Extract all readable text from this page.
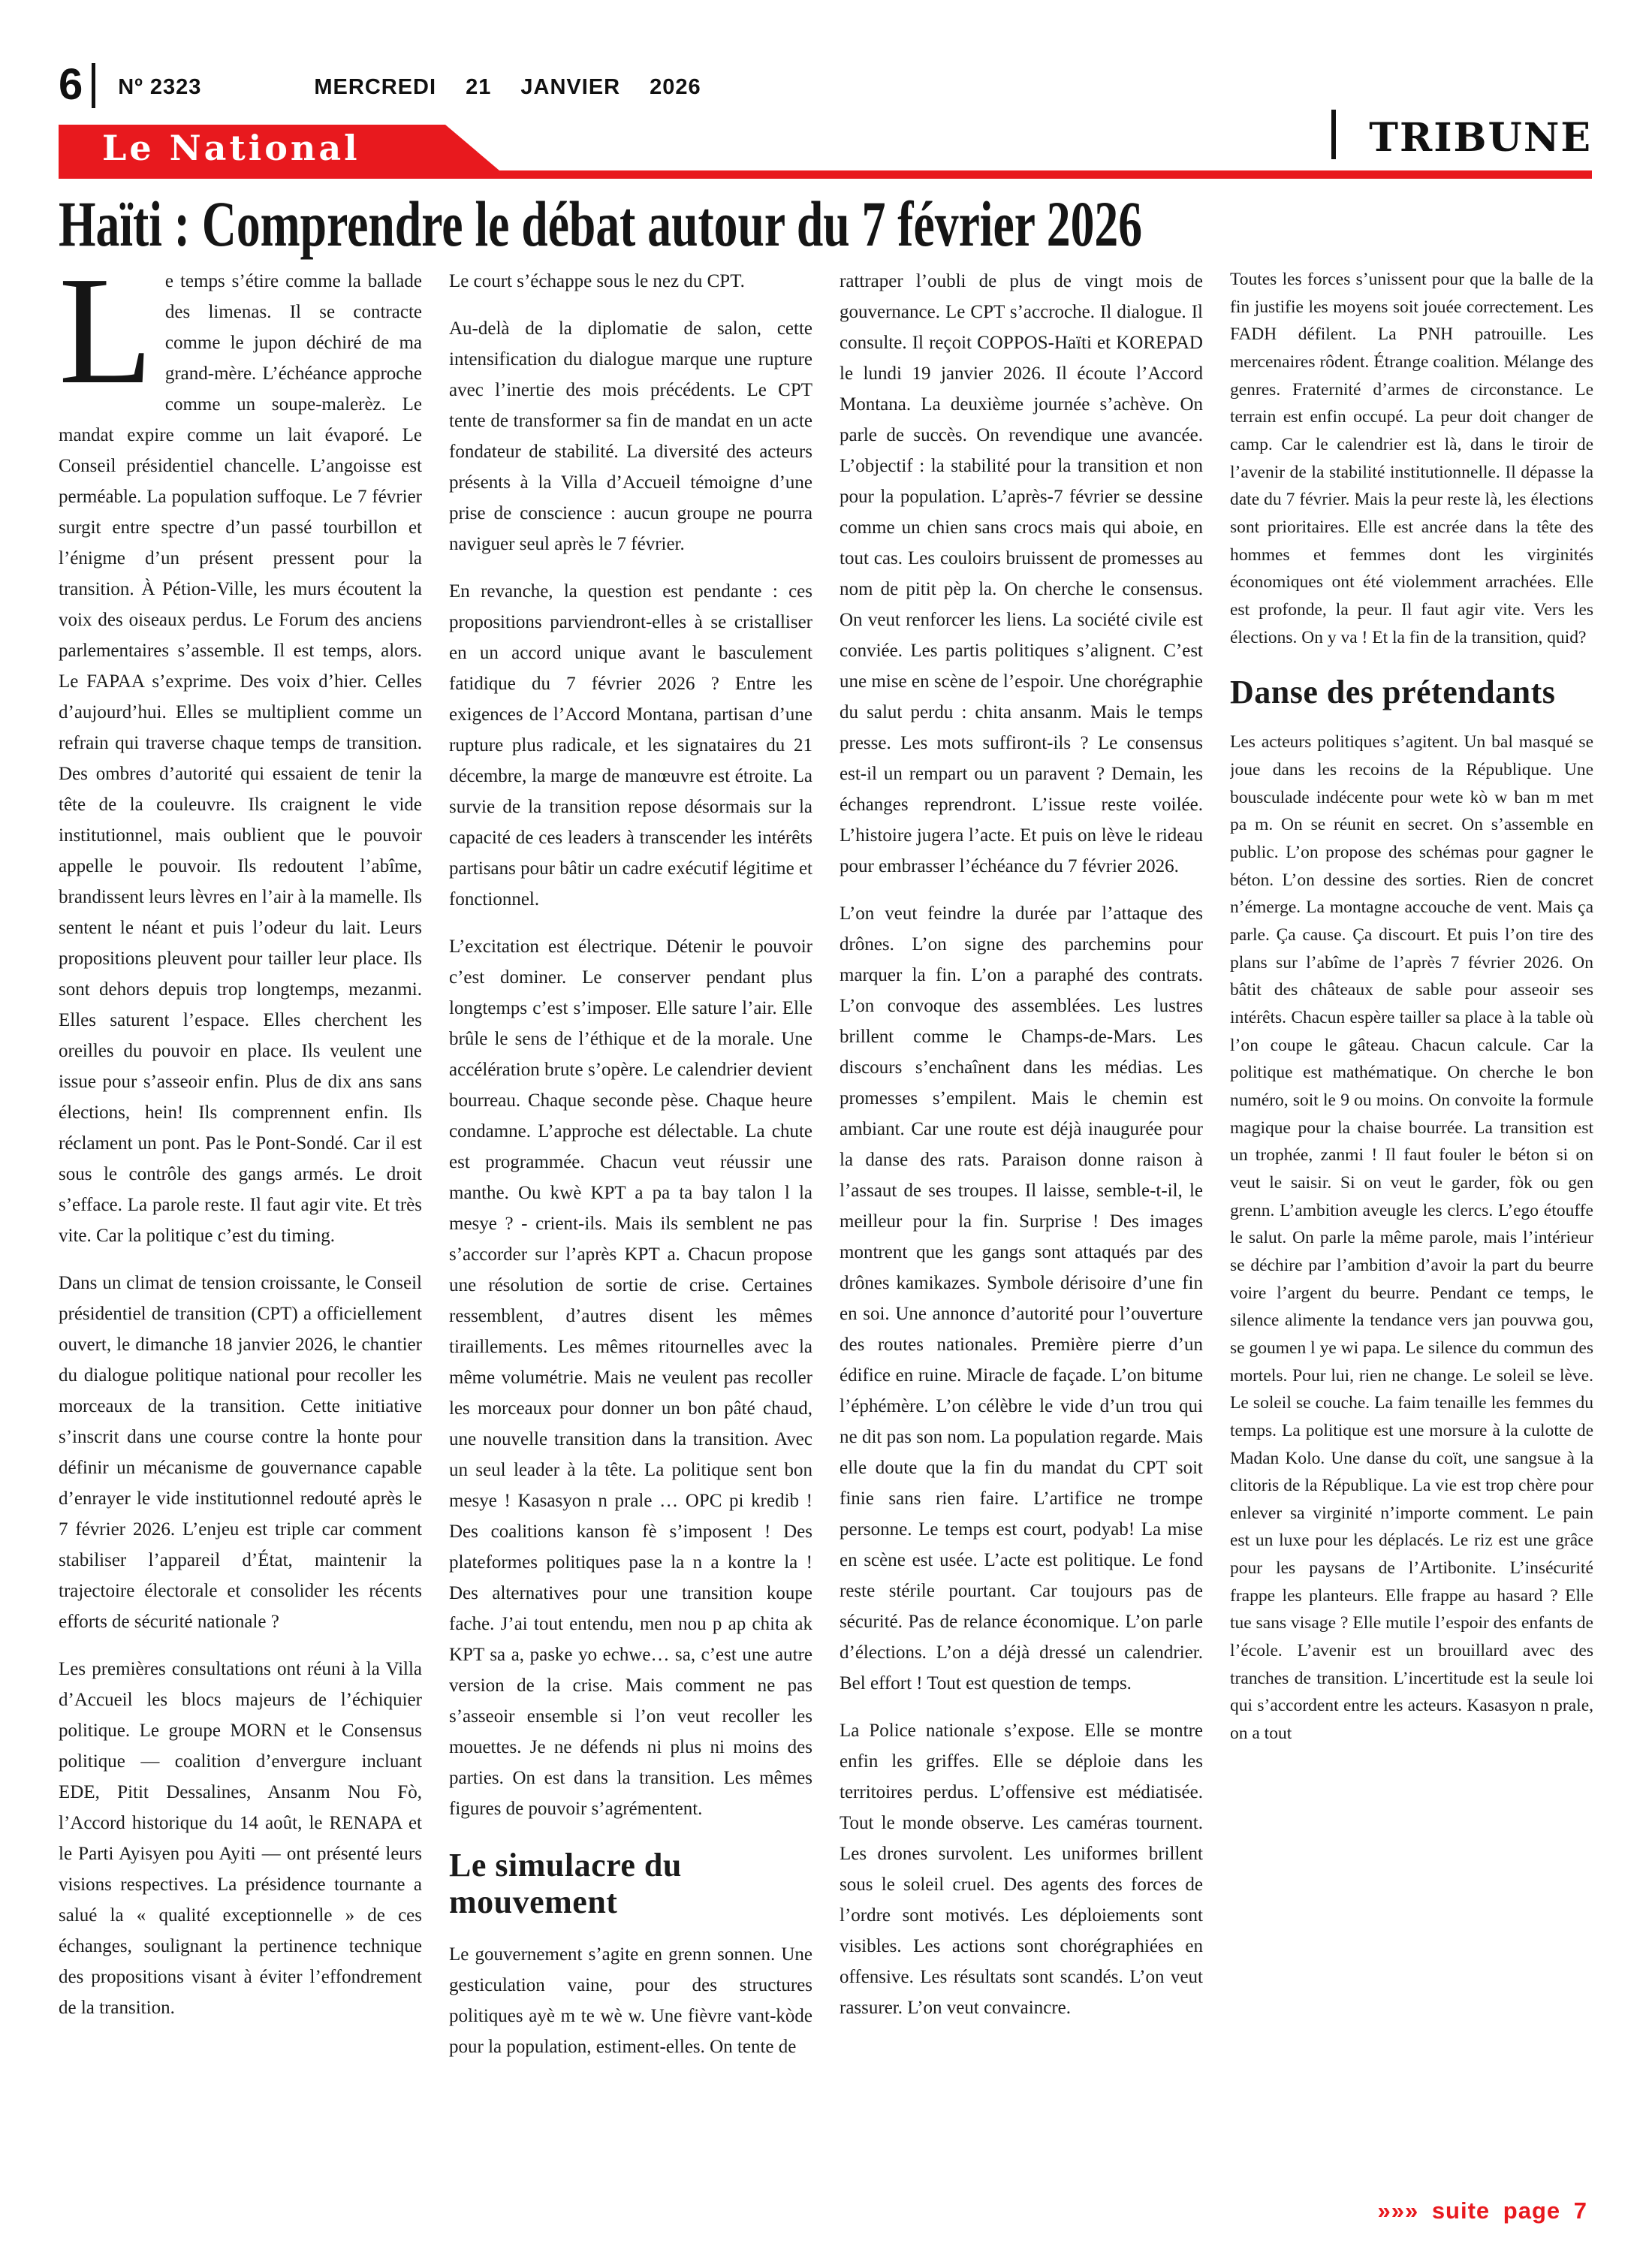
6 Nº 2323	MERCREDI 21 JANVIER 2026
Le National	TRIBUNE
Haïti : Comprendre le débat autour du 7 février 2026

Le temps s’étire comme la ballade des limenas. Il se contracte comme le jupon déchiré de ma grand-mère. L’échéance approche comme un soupe-malerèz. Le mandat expire comme un lait évaporé. Le Conseil présidentiel chancelle. L’angoisse est perméable. La population suffoque. Le 7 février surgit entre spectre d’un passé tourbillon et l’énigme d’un présent pressent pour la transition. À Pétion-Ville, les murs écoutent la voix des oiseaux perdus. Le Forum des anciens parlementaires s’assemble. Il est temps, alors. Le FAPAA s’exprime. Des voix d’hier. Celles d’aujourd’hui. Elles se multiplient comme un refrain qui traverse chaque temps de transition. Des ombres d’autorité qui essaient de tenir la tête de la couleuvre. Ils craignent le vide institutionnel, mais oublient que le pouvoir appelle le pouvoir. Ils redoutent l’abîme, brandissent leurs lèvres en l’air à la mamelle. Ils sentent le néant et puis l’odeur du lait. Leurs propositions pleuvent pour tailler leur place. Ils sont dehors depuis trop longtemps, mezanmi. Elles saturent l’espace. Elles cherchent les oreilles du pouvoir en place. Ils veulent une issue pour s’asseoir enfin. Plus de dix ans sans élections, hein! Ils comprennent enfin. Ils réclament un pont. Pas le Pont-Sondé. Car il est sous le contrôle des gangs armés. Le droit s’efface. La parole reste. Il faut agir vite. Et très vite. Car la politique c’est du timing.

Dans un climat de tension croissante, le Conseil présidentiel de transition (CPT) a officiellement ouvert, le dimanche 18 janvier 2026, le chantier du dialogue politique national pour recoller les morceaux de la transition. Cette initiative s’inscrit dans une course contre la honte pour définir un mécanisme de gouvernance capable d’enrayer le vide institutionnel redouté après le 7 février 2026. L’enjeu est triple car comment stabiliser l’appareil d’État, maintenir la trajectoire électorale et consolider les récents efforts de sécurité nationale ?

Les premières consultations ont réuni à la Villa d’Accueil les blocs majeurs de l’échiquier politique. Le groupe MORN et le Consensus politique — coalition d’envergure incluant EDE, Pitit Dessalines, Ansanm Nou Fò, l’Accord historique du 14 août, le RENAPA et le Parti Ayisyen pou Ayiti — ont présenté leurs visions respectives. La présidence tournante a salué la « qualité exceptionnelle » de ces échanges, soulignant la pertinence technique des propositions visant à éviter l’effondrement de la transition.

Le court s’échappe sous le nez du CPT.

Au-delà de la diplomatie de salon, cette intensification du dialogue marque une rupture avec l’inertie des mois précédents. Le CPT tente de transformer sa fin de mandat en un acte fondateur de stabilité. La diversité des acteurs présents à la Villa d’Accueil témoigne d’une prise de conscience : aucun groupe ne pourra naviguer seul après le 7 février.

En revanche, la question est pendante : ces propositions parviendront-elles à se cristalliser en un accord unique avant le basculement fatidique du 7 février 2026 ? Entre les exigences de l’Accord Montana, partisan d’une rupture plus radicale, et les signataires du 21 décembre, la marge de manœuvre est étroite. La survie de la transition repose désormais sur la capacité de ces leaders à transcender les intérêts partisans pour bâtir un cadre exécutif légitime et fonctionnel.

L’excitation est électrique. Détenir le pouvoir c’est dominer. Le conserver pendant plus longtemps c’est s’imposer. Elle sature l’air. Elle brûle le sens de l’éthique et de la morale. Une accélération brute s’opère. Le calendrier devient bourreau. Chaque seconde pèse. Chaque heure condamne. L’approche est délectable. La chute est programmée. Chacun veut réussir une manthe. Ou kwè KPT a pa ta bay talon l la mesye ? - crient-ils. Mais ils semblent ne pas s’accorder sur l’après KPT a. Chacun propose une résolution de sortie de crise. Certaines ressemblent, d’autres disent les mêmes tiraillements. Les mêmes ritournelles avec la même volumétrie. Mais ne veulent pas recoller les morceaux pour donner un bon pâté chaud, une nouvelle transition dans la transition. Avec un seul leader à la tête. La politique sent bon mesye ! Kasasyon n prale … OPC pi kredib ! Des coalitions kanson fè s’imposent ! Des plateformes politiques pase la n a kontre la ! Des alternatives pour une transition koupe fache. J’ai tout entendu, men nou p ap chita ak KPT sa a, paske yo echwe… sa, c’est une autre version de la crise. Mais comment ne pas s’asseoir ensemble si l’on veut recoller les mouettes. Je ne défends ni plus ni moins des parties. On est dans la transition. Les mêmes figures de pouvoir s’agrémentent.

Le simulacre du mouvement

Le gouvernement s’agite en grenn sonnen. Une gesticulation vaine, pour des structures politiques ayè m te wè w. Une fièvre vant-kòde pour la population, estiment-elles. On tente de

rattraper l’oubli de plus de vingt mois de gouvernance. Le CPT s’accroche. Il dialogue. Il consulte. Il reçoit COPPOS-Haïti et KOREPAD le lundi 19 janvier 2026. Il écoute l’Accord Montana. La deuxième journée s’achève. On parle de succès. On revendique une avancée. L’objectif : la stabilité pour la transition et non pour la population. L’après-7 février se dessine comme un chien sans crocs mais qui aboie, en tout cas. Les couloirs bruissent de promesses au nom de pitit pèp la. On cherche le consensus. On veut renforcer les liens. La société civile est conviée. Les partis politiques s’alignent. C’est une mise en scène de l’espoir. Une chorégraphie du salut perdu : chita ansanm. Mais le temps presse. Les mots suffiront-ils ? Le consensus est-il un rempart ou un paravent ? Demain, les échanges reprendront. L’issue reste voilée. L’histoire jugera l’acte. Et puis on lève le rideau pour embrasser l’échéance du 7 février 2026.

L’on veut feindre la durée par l’attaque des drônes. L’on signe des parchemins pour marquer la fin. L’on a paraphé des contrats. L’on convoque des assemblées. Les lustres brillent comme le Champs-de-Mars. Les discours s’enchaînent dans les médias. Les promesses s’empilent. Mais le chemin est ambiant. Car une route est déjà inaugurée pour la danse des rats. Paraison donne raison à l’assaut de ses troupes. Il laisse, semble-t-il, le meilleur pour la fin. Surprise ! Des images montrent que les gangs sont attaqués par des drônes kamikazes. Symbole dérisoire d’une fin en soi. Une annonce d’autorité pour l’ouverture des routes nationales. Première pierre d’un édifice en ruine. Miracle de façade. L’on bitume l’éphémère. L’on célèbre le vide d’un trou qui ne dit pas son nom. La population regarde. Mais elle doute que la fin du mandat du CPT soit finie sans rien faire. L’artifice ne trompe personne. Le temps est court, podyab! La mise en scène est usée. L’acte est politique. Le fond reste stérile pourtant. Car toujours pas de sécurité. Pas de relance économique. L’on parle d’élections. L’on a déjà dressé un calendrier. Bel effort ! Tout est question de temps.

La Police nationale s’expose. Elle se montre enfin les griffes. Elle se déploie dans les territoires perdus. L’offensive est médiatisée. Tout le monde observe. Les caméras tournent. Les drones survolent. Les uniformes brillent sous le soleil cruel. Des agents des forces de l’ordre sont motivés. Les déploiements sont visibles. Les actions sont chorégraphiées en offensive. Les résultats sont scandés. L’on veut rassurer. L’on veut convaincre.

Toutes les forces s’unissent pour que la balle de la fin justifie les moyens soit jouée correctement. Les FADH défilent. La PNH patrouille. Les mercenaires rôdent. Étrange coalition. Mélange des genres. Fraternité d’armes de circonstance. Le terrain est enfin occupé. La peur doit changer de camp. Car le calendrier est là, dans le tiroir de l’avenir de la stabilité institutionnelle. Il dépasse la date du 7 février. Mais la peur reste là, les élections sont prioritaires. Elle est ancrée dans la tête des hommes et femmes dont les virginités économiques ont été violemment arrachées. Elle est profonde, la peur. Il faut agir vite. Vers les élections. On y va ! Et la fin de la transition, quid?

Danse des prétendants

Les acteurs politiques s’agitent. Un bal masqué se joue dans les recoins de la République. Une bousculade indécente pour wete kò w ban m met pa m. On se réunit en secret. On s’assemble en public. L’on propose des schémas pour gagner le béton. L’on dessine des sorties. Rien de concret n’émerge. La montagne accouche de vent. Mais ça parle. Ça cause. Ça discourt. Et puis l’on tire des plans sur l’abîme de l’après 7 février 2026. On bâtit des châteaux de sable pour asseoir ses intérêts. Chacun espère tailler sa place à la table où l’on coupe le gâteau. Chacun calcule. Car la politique est mathématique. On cherche le bon numéro, soit le 9 ou moins. On convoite la formule magique pour la chaise bourrée. La transition est un trophée, zanmi ! Il faut fouler le béton si on veut le saisir. Si on veut le garder, fòk ou gen grenn. L’ambition aveugle les clercs. L’ego étouffe le salut. On parle la même parole, mais l’intérieur se déchire par l’ambition d’avoir la part du beurre voire l’argent du beurre. Pendant ce temps, le silence alimente la tendance vers jan pouvwa gou, se goumen l ye wi papa. Le silence du commun des mortels. Pour lui, rien ne change. Le soleil se lève. Le soleil se couche. La faim tenaille les femmes du temps. La politique est une morsure à la culotte de Madan Kolo. Une danse du coït, une sangsue à la clitoris de la République. La vie est trop chère pour enlever sa virginité n’importe comment. Le pain est un luxe pour les déplacés. Le riz est une grâce pour les paysans de l’Artibonite. L’insécurité frappe les planteurs. Elle frappe au hasard ? Elle tue sans visage ? Elle mutile l’espoir des enfants de l’école. L’avenir est un brouillard avec des tranches de transition. L’incertitude est la seule loi qui s’accordent entre les acteurs. Kasasyon n prale, on a tout

»»» suite page 7
